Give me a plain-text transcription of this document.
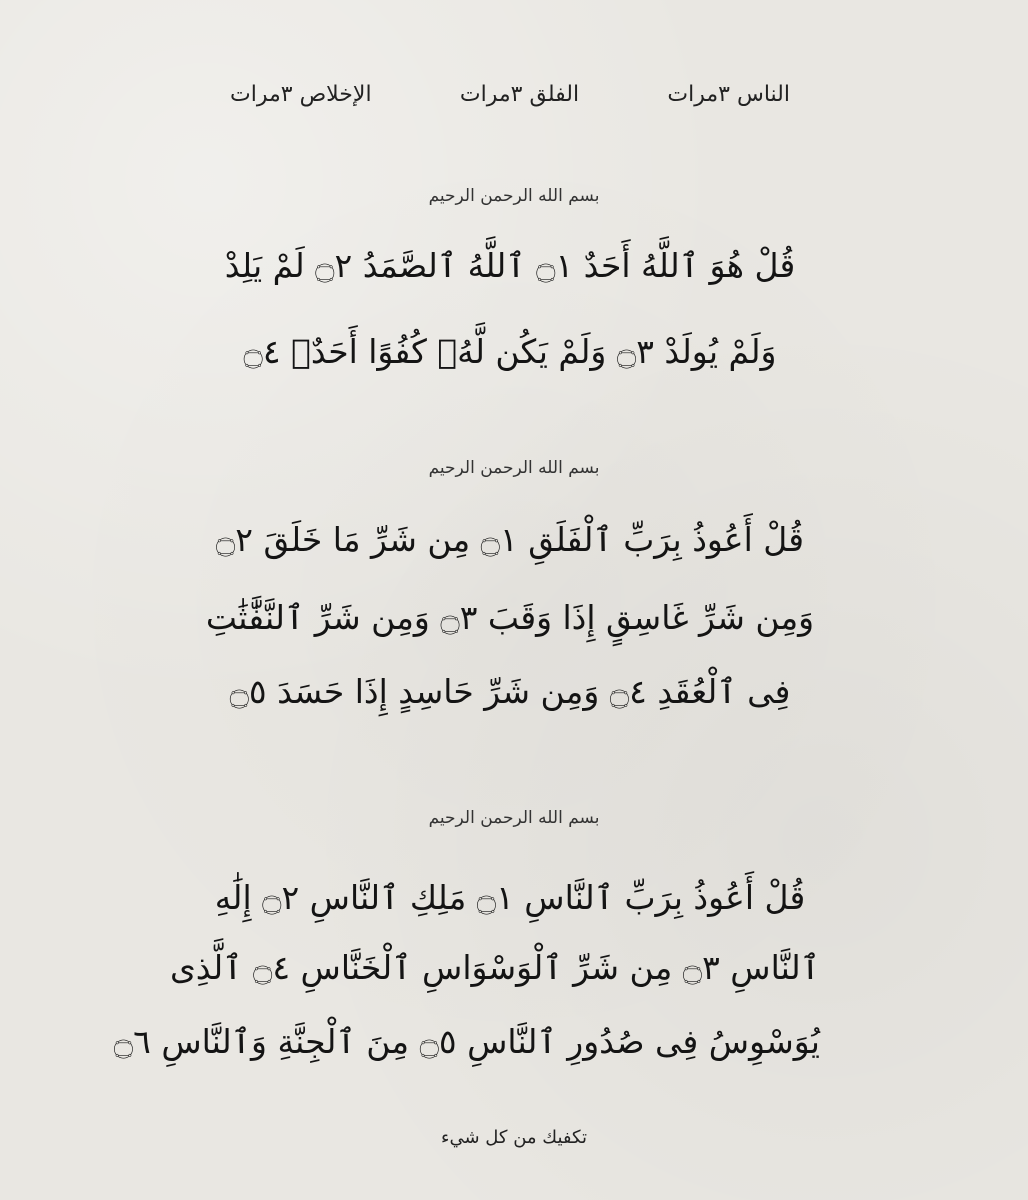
الإخلاص ٣مرات	الفلق ٣مرات	الناس ٣مرات
بسم الله الرحمن الرحيم
قُلْ هُوَ ٱللَّهُ أَحَدٌ ۝١ ٱللَّهُ ٱلصَّمَدُ ۝٢ لَمْ يَلِدْ
وَلَمْ يُولَدْ ۝٣ وَلَمْ يَكُن لَّهُۥ كُفُوًا أَحَدٌۢ ۝٤
بسم الله الرحمن الرحيم
قُلْ أَعُوذُ بِرَبِّ ٱلْفَلَقِ ۝١ مِن شَرِّ مَا خَلَقَ ۝٢
وَمِن شَرِّ غَاسِقٍ إِذَا وَقَبَ ۝٣ وَمِن شَرِّ ٱلنَّفَّٰثَٰتِ
فِى ٱلْعُقَدِ ۝٤ وَمِن شَرِّ حَاسِدٍ إِذَا حَسَدَ ۝٥
بسم الله الرحمن الرحيم
قُلْ أَعُوذُ بِرَبِّ ٱلنَّاسِ ۝١ مَلِكِ ٱلنَّاسِ ۝٢ إِلَٰهِ
ٱلنَّاسِ ۝٣ مِن شَرِّ ٱلْوَسْوَاسِ ٱلْخَنَّاسِ ۝٤ ٱلَّذِى
يُوَسْوِسُ فِى صُدُورِ ٱلنَّاسِ ۝٥ مِنَ ٱلْجِنَّةِ وَٱلنَّاسِ ۝٦
تكفيك من كل شيء
